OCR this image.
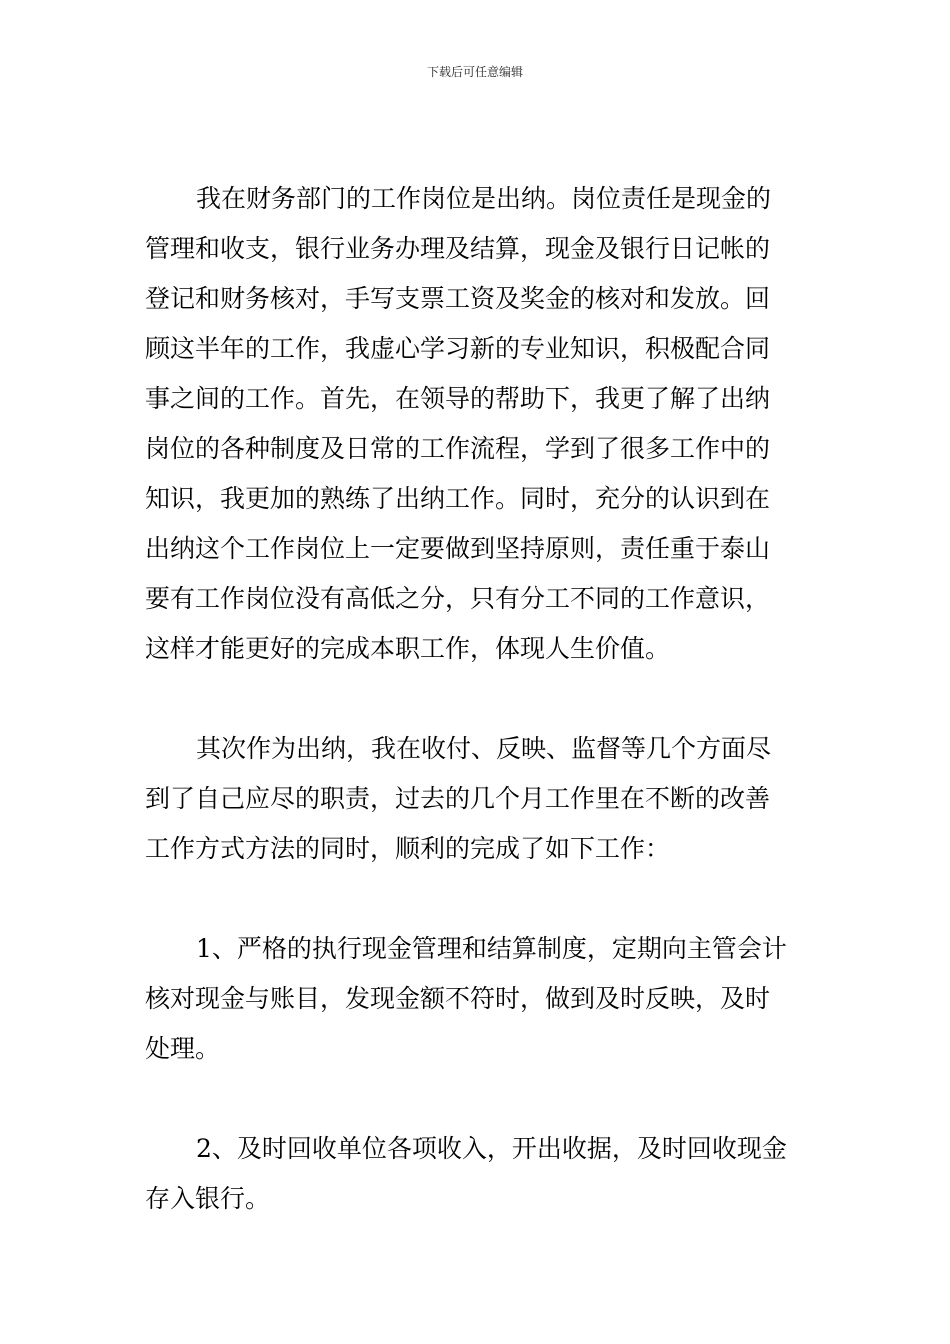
下载后可任意编辑
我在财务部门的工作岗位是出纳。岗位责任是现金的
管理和收支，银行业务办理及结算，现金及银行日记帐的
登记和财务核对，手写支票工资及奖金的核对和发放。回
顾这半年的工作，我虚心学习新的专业知识，积极配合同
事之间的工作。首先，在领导的帮助下，我更了解了出纳
岗位的各种制度及日常的工作流程，学到了很多工作中的
知识，我更加的熟练了出纳工作。同时，充分的认识到在
出纳这个工作岗位上一定要做到坚持原则，责任重于泰山
要有工作岗位没有高低之分，只有分工不同的工作意识，
这样才能更好的完成本职工作，体现人生价值。
其次作为出纳，我在收付、反映、监督等几个方面尽
到了自己应尽的职责，过去的几个月工作里在不断的改善
工作方式方法的同时，顺利的完成了如下工作：
1、严格的执行现金管理和结算制度，定期向主管会计
核对现金与账目，发现金额不符时，做到及时反映，及时
处理。
2、及时回收单位各项收入，开出收据，及时回收现金
存入银行。
